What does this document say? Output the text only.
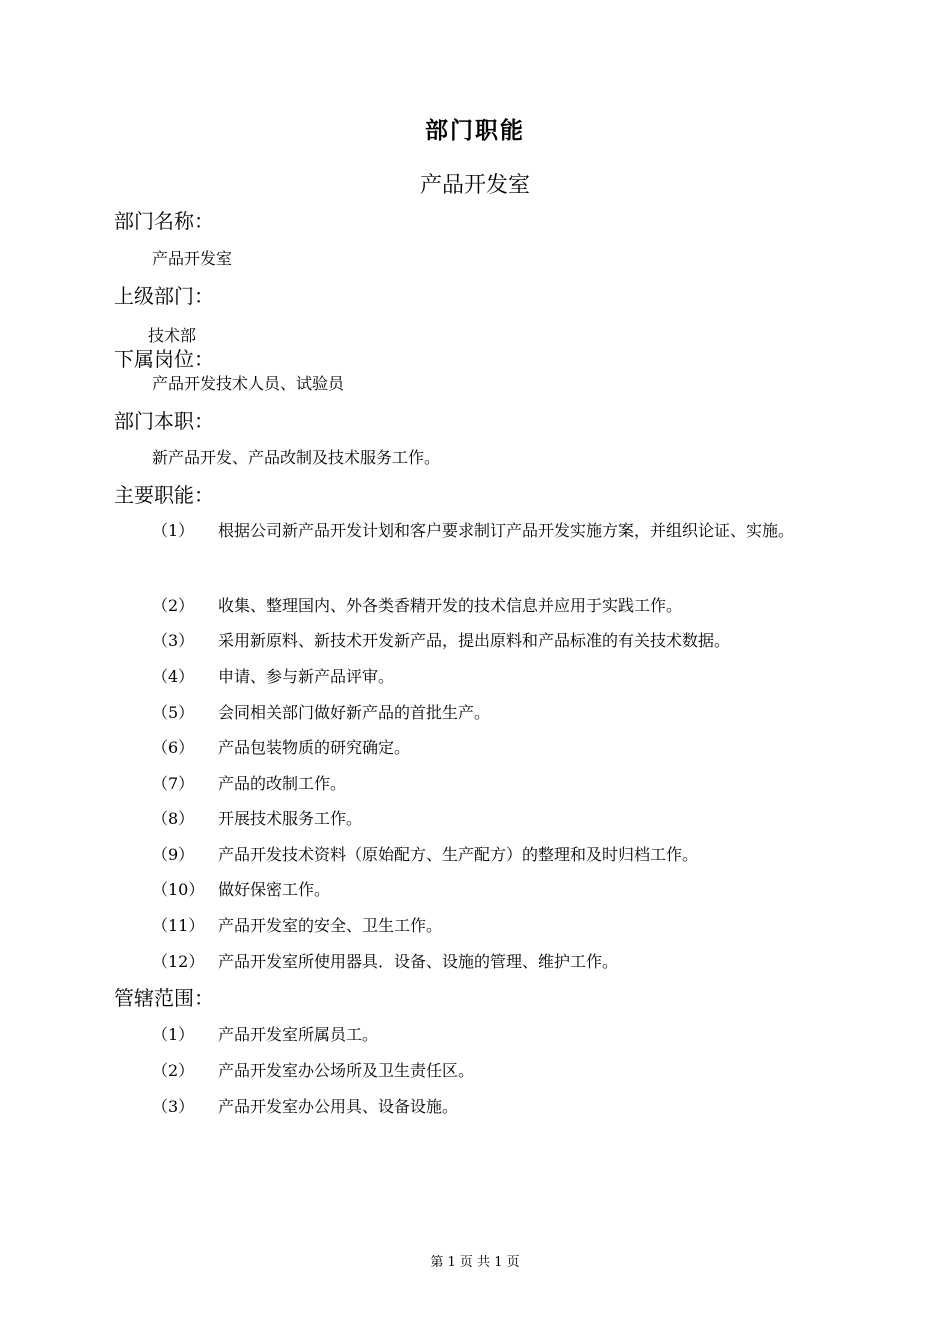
部门职能
产品开发室
部门名称：
产品开发室
上级部门：
技术部
下属岗位：
产品开发技术人员、试验员
部门本职：
新产品开发、产品改制及技术服务工作。
主要职能：
（1）	根据公司新产品开发计划和客户要求制订产品开发实施方案，并组织论证、实施。
（2）	收集、整理国内、外各类香精开发的技术信息并应用于实践工作。
（3）	采用新原料、新技术开发新产品，提出原料和产品标准的有关技术数据。
（4）	申请、参与新产品评审。
（5）	会同相关部门做好新产品的首批生产。
（6）	产品包装物质的研究确定。
（7）	产品的改制工作。
（8）	开展技术服务工作。
（9）	产品开发技术资料（原始配方、生产配方）的整理和及时归档工作。
（10） 做好保密工作。
（11） 产品开发室的安全、卫生工作。
（12） 产品开发室所使用器具．设备、设施的管理、维护工作。
管辖范围：
（1）	产品开发室所属员工。
（2）	产品开发室办公场所及卫生责任区。
（3）	产品开发室办公用具、设备设施。
第 1 页 共 1 页
